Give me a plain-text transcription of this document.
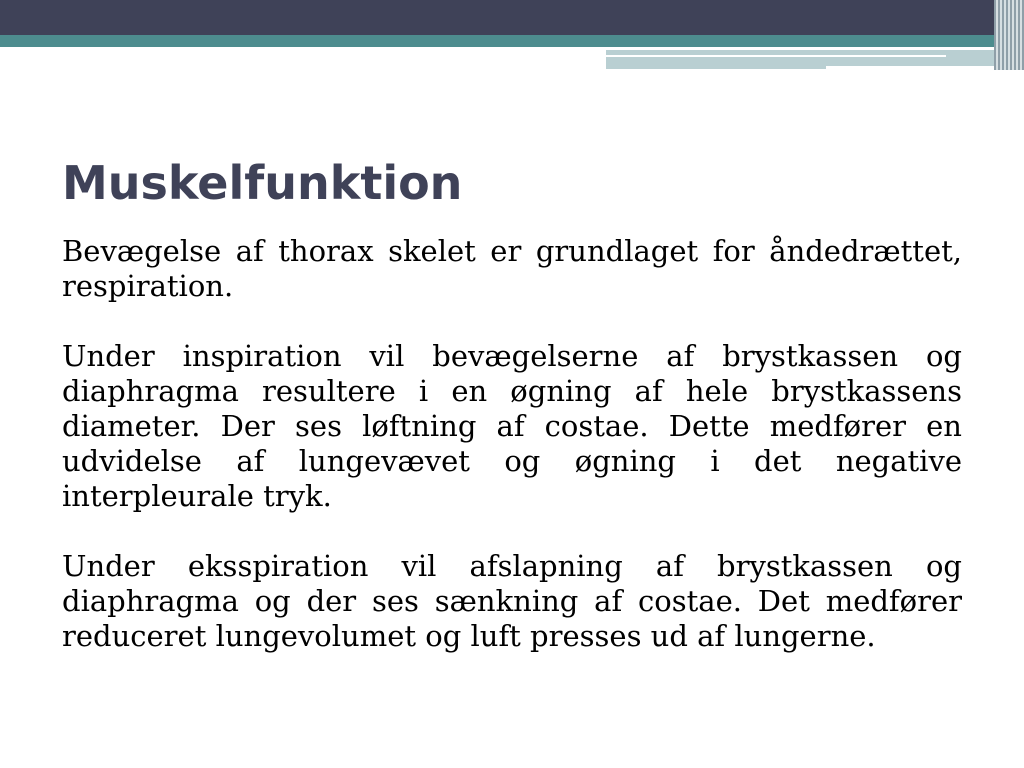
Muskelfunktion

Bevægelse af thorax skelet er grundlaget for åndedrættet, respiration.

Under inspiration vil bevægelserne af brystkassen og diaphragma resultere i en øgning af hele brystkassens diameter. Der ses løftning af costae. Dette medfører en udvidelse af lungevævet og øgning i det negative interpleurale tryk.

Under eksspiration vil afslapning af brystkassen og diaphragma og der ses sænkning af costae. Det medfører reduceret lungevolumet og luft presses ud af lungerne.
